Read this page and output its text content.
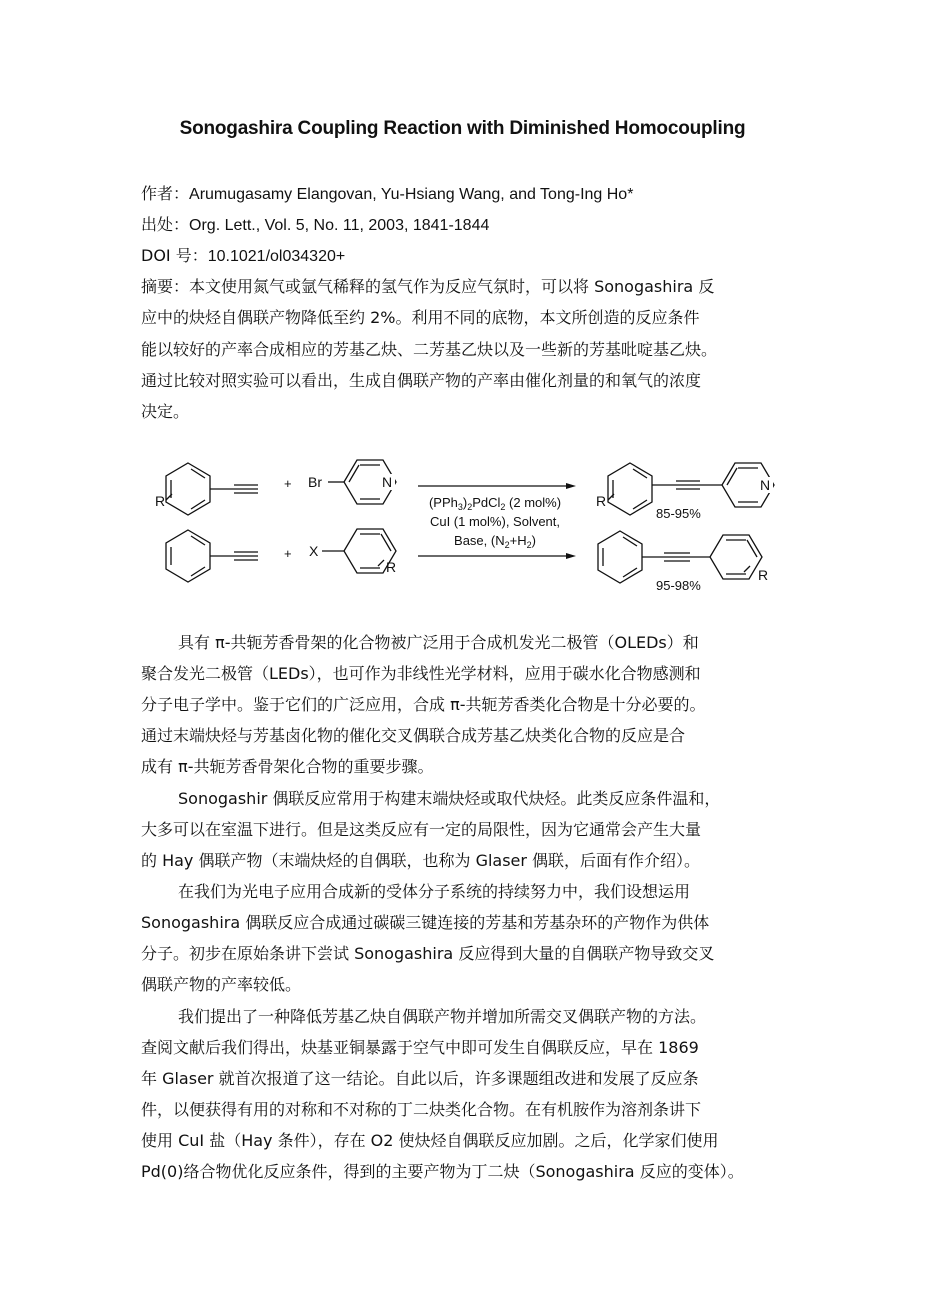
Sonogashira Coupling Reaction with Diminished Homocoupling
作者：Arumugasamy Elangovan, Yu-Hsiang Wang, and Tong-Ing Ho*
出处：Org. Lett., Vol. 5, No. 11, 2003, 1841-1844
DOI 号：10.1021/ol034320+
摘要：本文使用氮气或氩气稀释的氢气作为反应气氛时，可以将 Sonogashira 反
应中的炔烃自偶联产物降低至约 2%。利用不同的底物，本文所创造的反应条件
能以较好的产率合成相应的芳基乙炔、二芳基乙炔以及一些新的芳基吡啶基乙炔。
通过比较对照实验可以看出，生成自偶联产物的产率由催化剂量的和氧气的浓度
决定。
R
+ Br	N
+ X
R
$(PPh_3)_2PdCl_2$ (2 mol%)
CuI (1 mol%), Solvent,
Base, $(N_2+H_2)$
N
R
85-95%
R
95-98%
具有 π-共轭芳香骨架的化合物被广泛用于合成机发光二极管（OLEDs）和
聚合发光二极管（LEDs），也可作为非线性光学材料，应用于碳水化合物感测和
分子电子学中。鉴于它们的广泛应用，合成 π-共轭芳香类化合物是十分必要的。
通过末端炔烃与芳基卤化物的催化交叉偶联合成芳基乙炔类化合物的反应是合
成有 π-共轭芳香骨架化合物的重要步骤。
Sonogashir 偶联反应常用于构建末端炔烃或取代炔烃。此类反应条件温和，
大多可以在室温下进行。但是这类反应有一定的局限性，因为它通常会产生大量
的 Hay 偶联产物（末端炔烃的自偶联，也称为 Glaser 偶联，后面有作介绍）。
在我们为光电子应用合成新的受体分子系统的持续努力中，我们设想运用
Sonogashira 偶联反应合成通过碳碳三键连接的芳基和芳基杂环的产物作为供体
分子。初步在原始条讲下尝试 Sonogashira 反应得到大量的自偶联产物导致交叉
偶联产物的产率较低。
我们提出了一种降低芳基乙炔自偶联产物并增加所需交叉偶联产物的方法。
查阅文献后我们得出，炔基亚铜暴露于空气中即可发生自偶联反应，早在 1869
年 Glaser 就首次报道了这一结论。自此以后，许多课题组改进和发展了反应条
件，以便获得有用的对称和不对称的丁二炔类化合物。在有机胺作为溶剂条讲下
使用 CuI 盐（Hay 条件），存在 O2 使炔烃自偶联反应加剧。之后，化学家们使用
Pd(0)络合物优化反应条件，得到的主要产物为丁二炔（Sonogashira 反应的变体）。
